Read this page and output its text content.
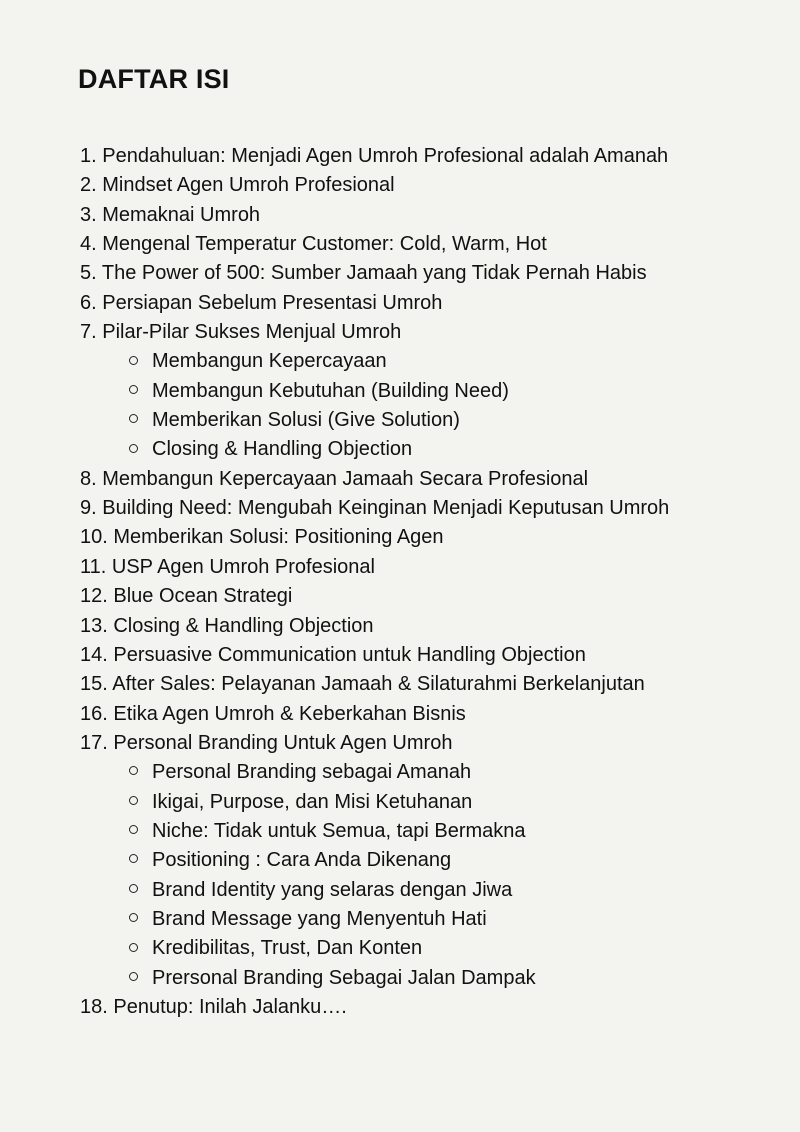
DAFTAR ISI
1. Pendahuluan: Menjadi Agen Umroh Profesional adalah Amanah
2. Mindset Agen Umroh Profesional
3. Memaknai Umroh
4. Mengenal Temperatur Customer: Cold, Warm, Hot
5. The Power of 500: Sumber Jamaah yang Tidak Pernah Habis
6. Persiapan Sebelum Presentasi Umroh
7. Pilar-Pilar Sukses Menjual Umroh
Membangun Kepercayaan
Membangun Kebutuhan (Building Need)
Memberikan Solusi (Give Solution)
Closing & Handling Objection
8. Membangun Kepercayaan Jamaah Secara Profesional
9. Building Need: Mengubah Keinginan Menjadi Keputusan Umroh
10. Memberikan Solusi: Positioning Agen
11. USP Agen Umroh Profesional
12. Blue Ocean Strategi
13. Closing & Handling Objection
14. Persuasive Communication untuk Handling Objection
15. After Sales: Pelayanan Jamaah & Silaturahmi Berkelanjutan
16. Etika Agen Umroh & Keberkahan Bisnis
17. Personal Branding Untuk Agen Umroh
Personal Branding sebagai Amanah
Ikigai, Purpose, dan Misi Ketuhanan
Niche: Tidak untuk Semua, tapi Bermakna
Positioning : Cara Anda Dikenang
Brand Identity yang selaras dengan Jiwa
Brand Message yang Menyentuh Hati
Kredibilitas, Trust, Dan Konten
Prersonal Branding Sebagai Jalan Dampak
18. Penutup: Inilah Jalanku….
